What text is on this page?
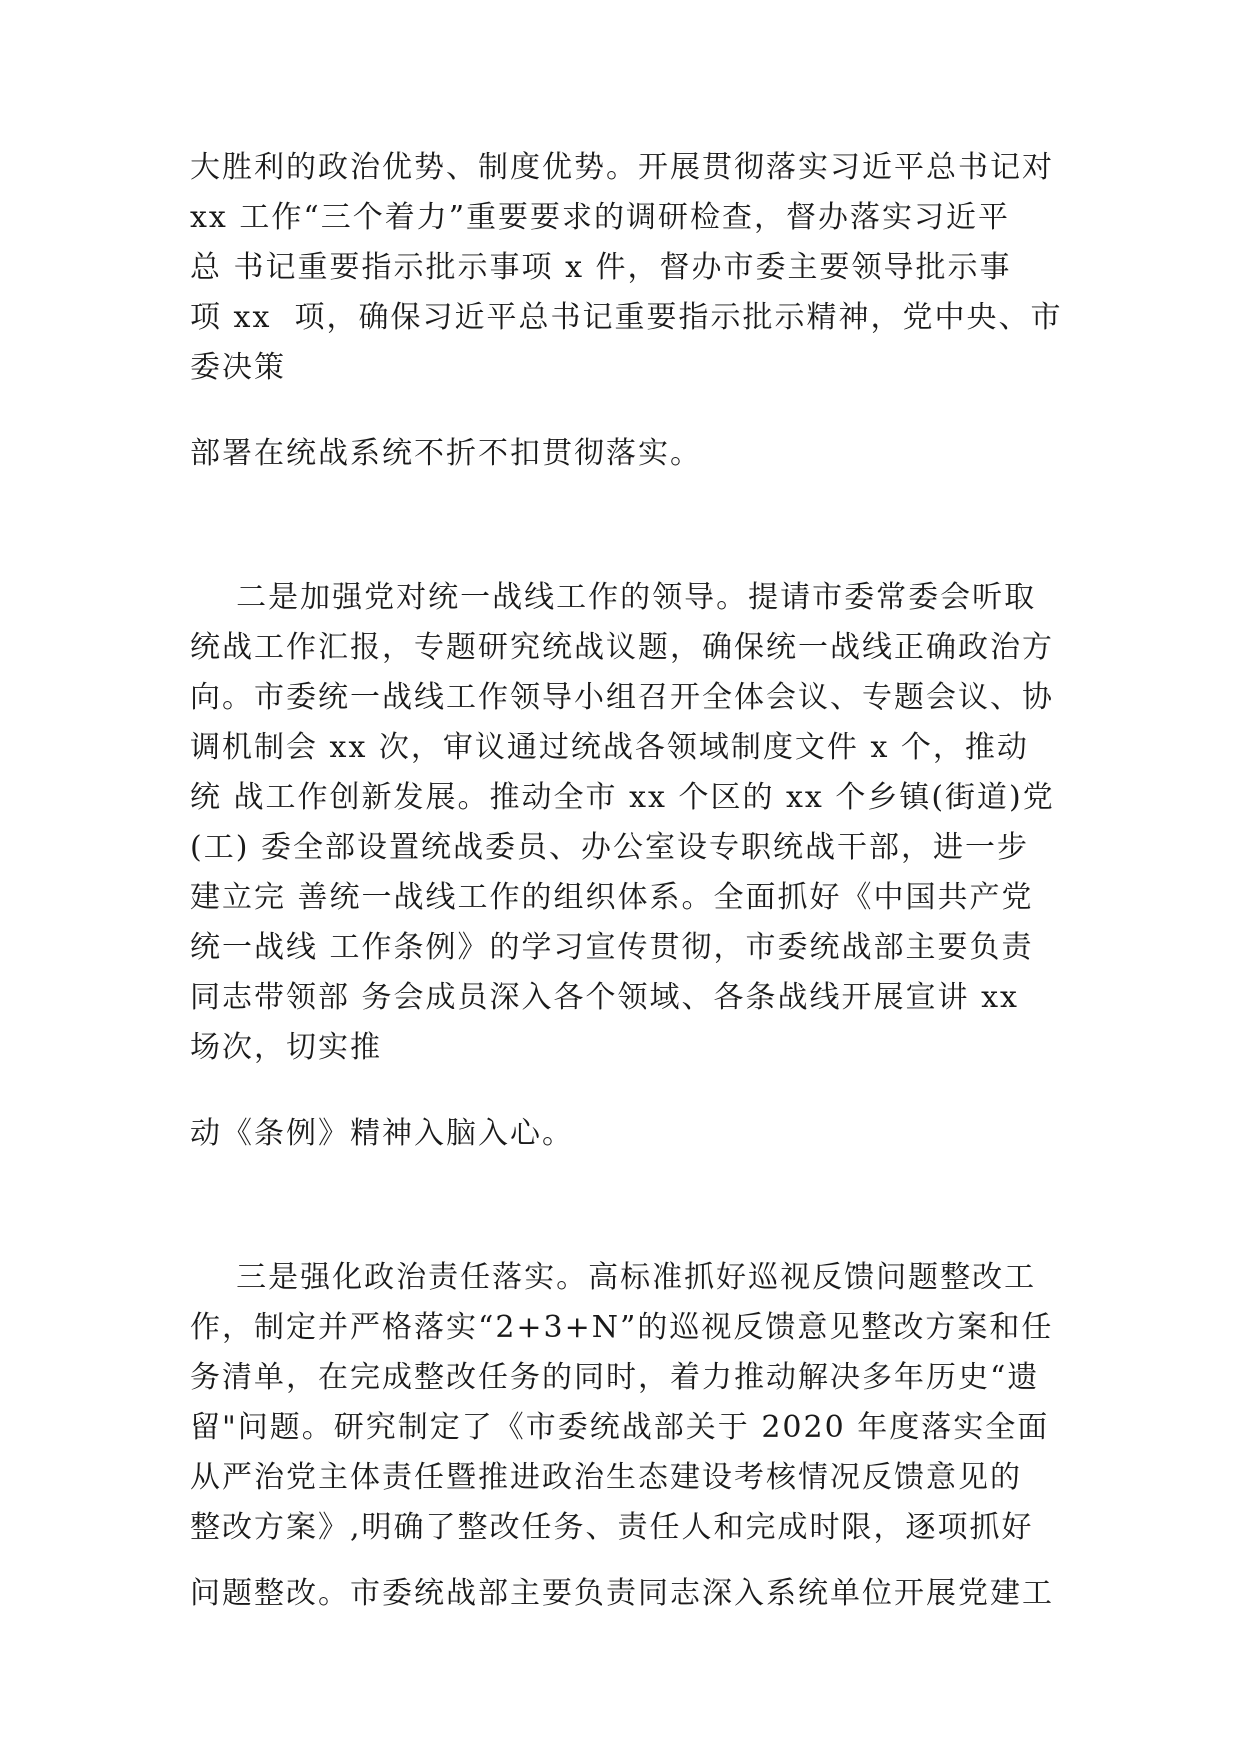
大胜利的政治优势、制度优势。开展贯彻落实习近平总书记对
xx 工作“三个着力”重要要求的调研检查，督办落实习近平
总 书记重要指示批示事项 x 件，督办市委主要领导批示事
项 xx  项，确保习近平总书记重要指示批示精神，党中央、市
委决策
部署在统战系统不折不扣贯彻落实。
二是加强党对统一战线工作的领导。提请市委常委会听取
统战工作汇报，专题研究统战议题，确保统一战线正确政治方
向。市委统一战线工作领导小组召开全体会议、专题会议、协
调机制会 xx 次，审议通过统战各领域制度文件 x 个，推动
统 战工作创新发展。推动全市 xx 个区的 xx 个乡镇(街道)党
(工) 委全部设置统战委员、办公室设专职统战干部，进一步
建立完 善统一战线工作的组织体系。全面抓好《中国共产党
统一战线 工作条例》的学习宣传贯彻，市委统战部主要负责
同志带领部 务会成员深入各个领域、各条战线开展宣讲 xx
场次，切实推
动《条例》精神入脑入心。
三是强化政治责任落实。高标准抓好巡视反馈问题整改工
作，制定并严格落实“2+3+N”的巡视反馈意见整改方案和任
务清单，在完成整改任务的同时，着力推动解决多年历史“遗
留"问题。研究制定了《市委统战部关于 2020 年度落实全面
从严治党主体责任暨推进政治生态建设考核情况反馈意见的
整改方案》,明确了整改任务、责任人和完成时限，逐项抓好
问题整改。市委统战部主要负责同志深入系统单位开展党建工
